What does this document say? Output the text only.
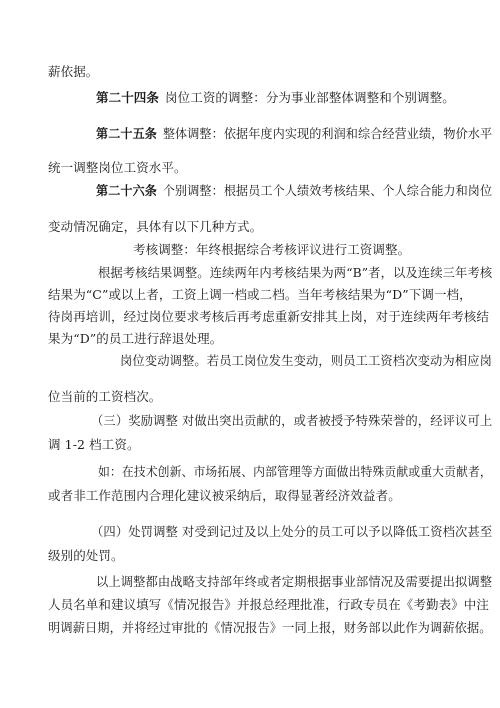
薪依据。
第二十四条 岗位工资的调整：分为事业部整体调整和个别调整。
第二十五条 整体调整：依据年度内实现的利润和综合经营业绩，物价水平
统一调整岗位工资水平。
第二十六条 个别调整：根据员工个人绩效考核结果、个人综合能力和岗位
变动情况确定，具体有以下几种方式。
考核调整：年终根据综合考核评议进行工资调整。
根据考核结果调整。连续两年内考核结果为两“B”者，以及连续三年考核
结果为“C”或以上者，工资上调一档或二档。当年考核结果为“D”下调一档，
待岗再培训，经过岗位要求考核后再考虑重新安排其上岗，对于连续两年考核结
果为“D”的员工进行辞退处理。
岗位变动调整。若员工岗位发生变动，则员工工资档次变动为相应岗
位当前的工资档次。
（三）奖励调整 对做出突出贡献的，或者被授予特殊荣誉的，经评议可上
调 1-2 档工资。
如：在技术创新、市场拓展、内部管理等方面做出特殊贡献或重大贡献者，
或者非工作范围内合理化建议被采纳后，取得显著经济效益者。
（四）处罚调整 对受到记过及以上处分的员工可以予以降低工资档次甚至
级别的处罚。
以上调整都由战略支持部年终或者定期根据事业部情况及需要提出拟调整
人员名单和建议填写《情况报告》并报总经理批准，行政专员在《考勤表》中注
明调薪日期，并将经过审批的《情况报告》一同上报，财务部以此作为调薪依据。
